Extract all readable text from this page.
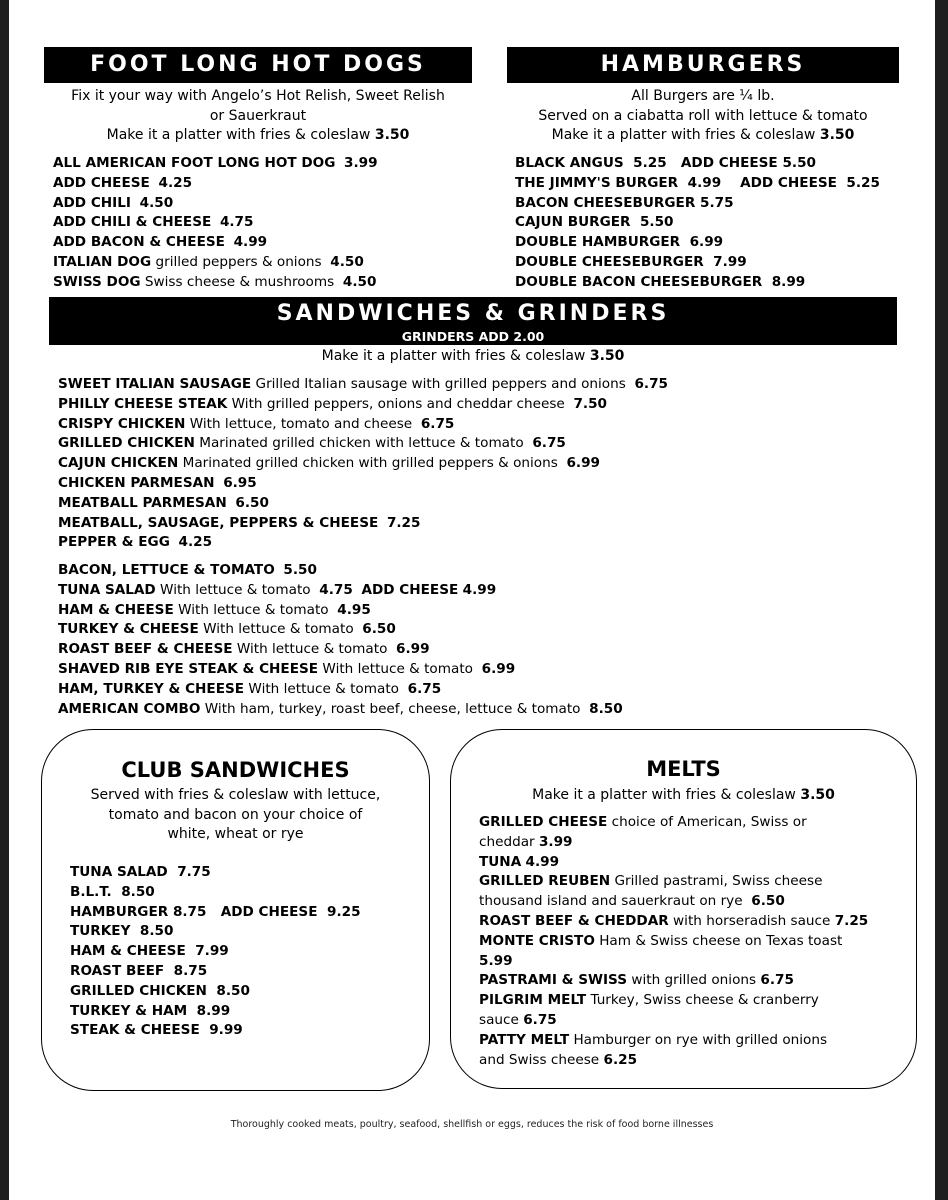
FOOT LONG HOT DOGS
Fix it your way with Angelo’s Hot Relish, Sweet Relish
or Sauerkraut
Make it a platter with fries & coleslaw 3.50
ALL AMERICAN FOOT LONG HOT DOG 3.99
ADD CHEESE 4.25
ADD CHILI 4.50
ADD CHILI & CHEESE 4.75
ADD BACON & CHEESE 4.99
ITALIAN DOG grilled peppers & onions 4.50
SWISS DOG Swiss cheese & mushrooms 4.50
HAMBURGERS
All Burgers are ¼ lb.
Served on a ciabatta roll with lettuce & tomato
Make it a platter with fries & coleslaw 3.50
BLACK ANGUS 5.25 ADD CHEESE 5.50
THE JIMMY'S BURGER 4.99 ADD CHEESE 5.25
BACON CHEESEBURGER 5.75
CAJUN BURGER 5.50
DOUBLE HAMBURGER 6.99
DOUBLE CHEESEBURGER 7.99
DOUBLE BACON CHEESEBURGER 8.99
SANDWICHES & GRINDERS
GRINDERS ADD 2.00
Make it a platter with fries & coleslaw 3.50
SWEET ITALIAN SAUSAGE Grilled Italian sausage with grilled peppers and onions 6.75
PHILLY CHEESE STEAK With grilled peppers, onions and cheddar cheese 7.50
CRISPY CHICKEN With lettuce, tomato and cheese 6.75
GRILLED CHICKEN Marinated grilled chicken with lettuce & tomato 6.75
CAJUN CHICKEN Marinated grilled chicken with grilled peppers & onions 6.99
CHICKEN PARMESAN 6.95
MEATBALL PARMESAN 6.50
MEATBALL, SAUSAGE, PEPPERS & CHEESE 7.25
PEPPER & EGG 4.25
BACON, LETTUCE & TOMATO 5.50
TUNA SALAD With lettuce & tomato 4.75 ADD CHEESE 4.99
HAM & CHEESE With lettuce & tomato 4.95
TURKEY & CHEESE With lettuce & tomato 6.50
ROAST BEEF & CHEESE With lettuce & tomato 6.99
SHAVED RIB EYE STEAK & CHEESE With lettuce & tomato 6.99
HAM, TURKEY & CHEESE With lettuce & tomato 6.75
AMERICAN COMBO With ham, turkey, roast beef, cheese, lettuce & tomato 8.50
CLUB SANDWICHES
Served with fries & coleslaw with lettuce,
tomato and bacon on your choice of
white, wheat or rye
TUNA SALAD 7.75
B.L.T. 8.50
HAMBURGER 8.75 ADD CHEESE 9.25
TURKEY 8.50
HAM & CHEESE 7.99
ROAST BEEF 8.75
GRILLED CHICKEN 8.50
TURKEY & HAM 8.99
STEAK & CHEESE 9.99
MELTS
Make it a platter with fries & coleslaw 3.50
GRILLED CHEESE choice of American, Swiss or
cheddar 3.99
TUNA 4.99
GRILLED REUBEN Grilled pastrami, Swiss cheese
thousand island and sauerkraut on rye 6.50
ROAST BEEF & CHEDDAR with horseradish sauce 7.25
MONTE CRISTO Ham & Swiss cheese on Texas toast
5.99
PASTRAMI & SWISS with grilled onions 6.75
PILGRIM MELT Turkey, Swiss cheese & cranberry
sauce 6.75
PATTY MELT Hamburger on rye with grilled onions
and Swiss cheese 6.25
Thoroughly cooked meats, poultry, seafood, shellfish or eggs, reduces the risk of food borne illnesses
